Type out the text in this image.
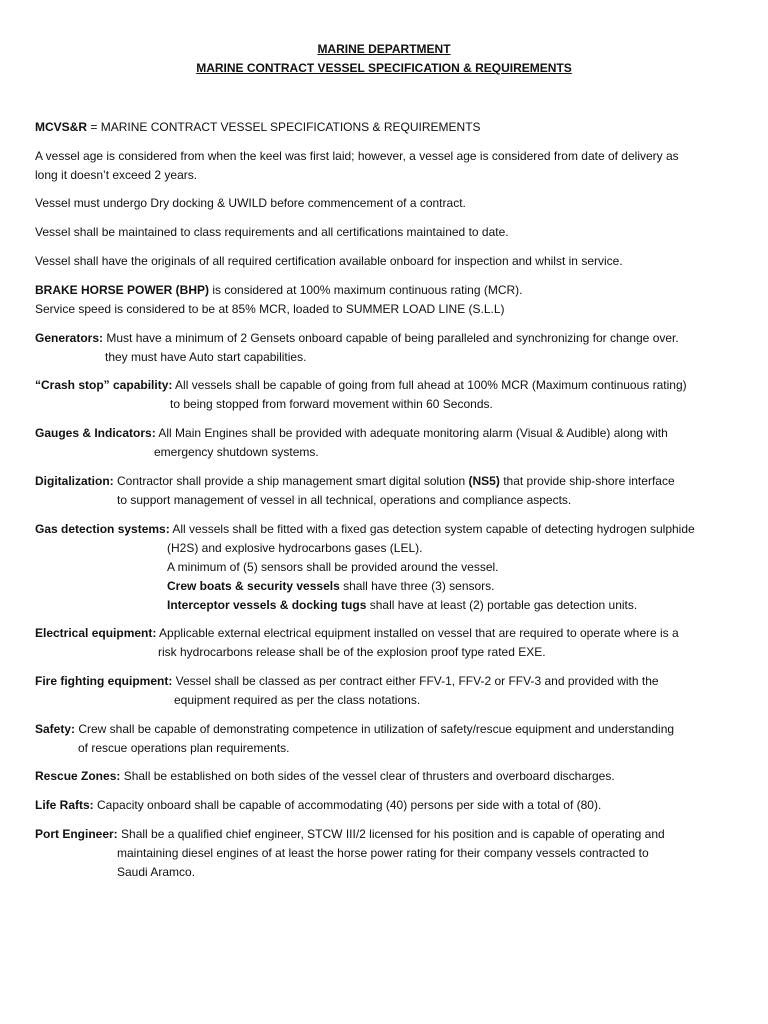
MARINE DEPARTMENT
MARINE CONTRACT VESSEL SPECIFICATION & REQUIREMENTS
MCVS&R = MARINE CONTRACT VESSEL SPECIFICATIONS & REQUIREMENTS
A vessel age is considered from when the keel was first laid; however, a vessel age is considered from date of delivery as
long it doesn’t exceed 2 years.
Vessel must undergo Dry docking & UWILD before commencement of a contract.
Vessel shall be maintained to class requirements and all certifications maintained to date.
Vessel shall have the originals of all required certification available onboard for inspection and whilst in service.
BRAKE HORSE POWER (BHP) is considered at 100% maximum continuous rating (MCR).
Service speed is considered to be at 85% MCR, loaded to SUMMER LOAD LINE (S.L.L)
Generators: Must have a minimum of 2 Gensets onboard capable of being paralleled and synchronizing for change over.
they must have Auto start capabilities.
“Crash stop” capability: All vessels shall be capable of going from full ahead at 100% MCR (Maximum continuous rating)
to being stopped from forward movement within 60 Seconds.
Gauges & Indicators: All Main Engines shall be provided with adequate monitoring alarm (Visual & Audible) along with
emergency shutdown systems.
Digitalization: Contractor shall provide a ship management smart digital solution (NS5) that provide ship-shore interface
to support management of vessel in all technical, operations and compliance aspects.
Gas detection systems: All vessels shall be fitted with a fixed gas detection system capable of detecting hydrogen sulphide
(H2S) and explosive hydrocarbons gases (LEL).
A minimum of (5) sensors shall be provided around the vessel.
Crew boats & security vessels shall have three (3) sensors.
Interceptor vessels & docking tugs shall have at least (2) portable gas detection units.
Electrical equipment: Applicable external electrical equipment installed on vessel that are required to operate where is a
risk hydrocarbons release shall be of the explosion proof type rated EXE.
Fire fighting equipment: Vessel shall be classed as per contract either FFV-1, FFV-2 or FFV-3 and provided with the
equipment required as per the class notations.
Safety: Crew shall be capable of demonstrating competence in utilization of safety/rescue equipment and understanding
of rescue operations plan requirements.
Rescue Zones: Shall be established on both sides of the vessel clear of thrusters and overboard discharges.
Life Rafts: Capacity onboard shall be capable of accommodating (40) persons per side with a total of (80).
Port Engineer: Shall be a qualified chief engineer, STCW III/2 licensed for his position and is capable of operating and
maintaining diesel engines of at least the horse power rating for their company vessels contracted to
Saudi Aramco.
